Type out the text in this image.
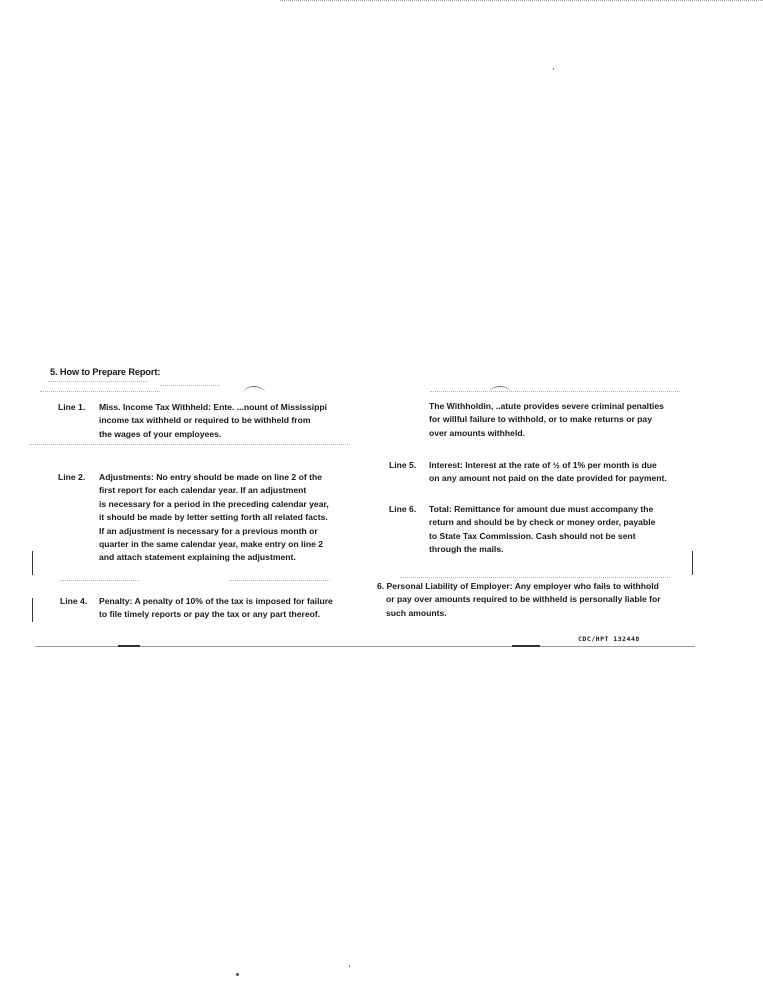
5. How to Prepare Report:
Line 1. Miss. Income Tax Withheld: Ente. ...nount of Mississippi
income tax withheld or required to be withheld from
the wages of your employees.
Line 2. Adjustments: No entry should be made on line 2 of the
first report for each calendar year. If an adjustment
is necessary for a period in the preceding calendar year,
it should be made by letter setting forth all related facts.
If an adjustment is necessary for a previous month or
quarter in the same calendar year, make entry on line 2
and attach statement explaining the adjustment.
Line 4. Penalty: A penalty of 10% of the tax is imposed for failure
to file timely reports or pay the tax or any part thereof.
The Withholdin, ..atute provides severe criminal penalties
for willful failure to withhold, or to make returns or pay
over amounts withheld.
Line 5. Interest: Interest at the rate of ½ of 1% per month is due
on any amount not paid on the date provided for payment.
Line 6. Total: Remittance for amount due must accompany the
return and should be by check or money order, payable
to State Tax Commission. Cash should not be sent
through the mails.
6. Personal Liability of Employer: Any employer who fails to withhold
or pay over amounts required to be withheld is personally liable for
such amounts.
CDC/HPT 132448
